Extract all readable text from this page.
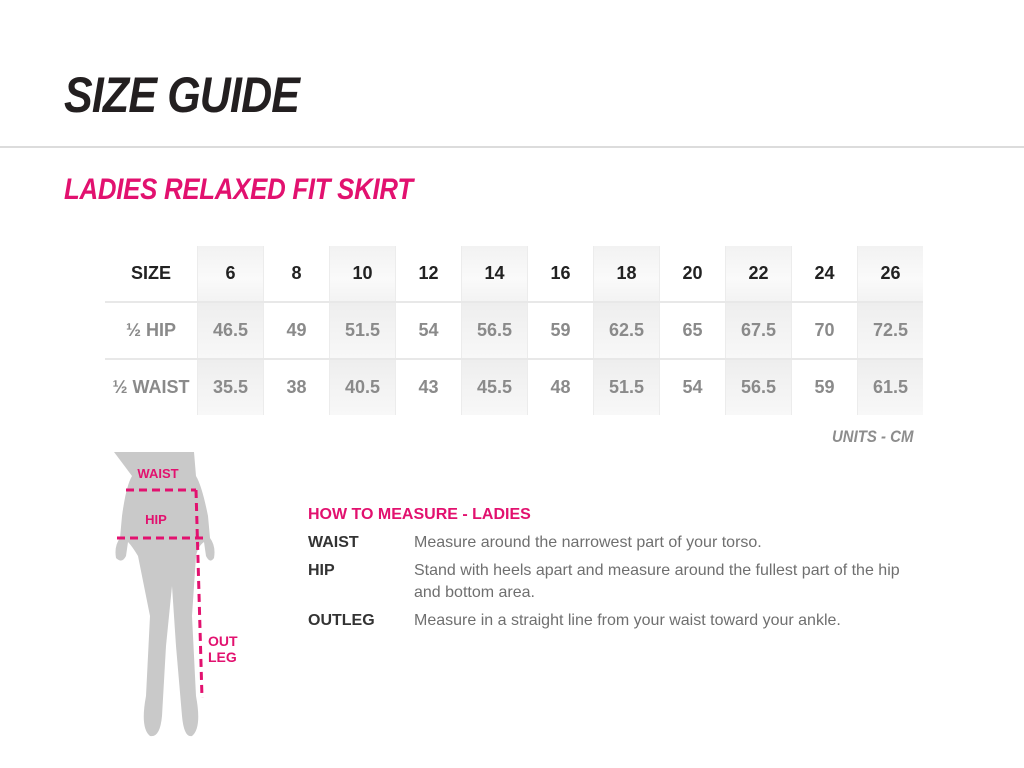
SIZE GUIDE
LADIES RELAXED FIT SKIRT
SIZE	6	8	10	12	14	16	18	20	22	24	26
½ HIP	46.5	49	51.5	54	56.5	59	62.5	65	67.5	70	72.5
½ WAIST	35.5	38	40.5	43	45.5	48	51.5	54	56.5	59	61.5
UNITS - CM
WAIST
HIP
OUT
LEG
HOW TO MEASURE - LADIES
WAIST	Measure around the narrowest part of your torso.
HIP	Stand with heels apart and measure around the fullest part of the hip and bottom area.
OUTLEG	Measure in a straight line from your waist toward your ankle.
